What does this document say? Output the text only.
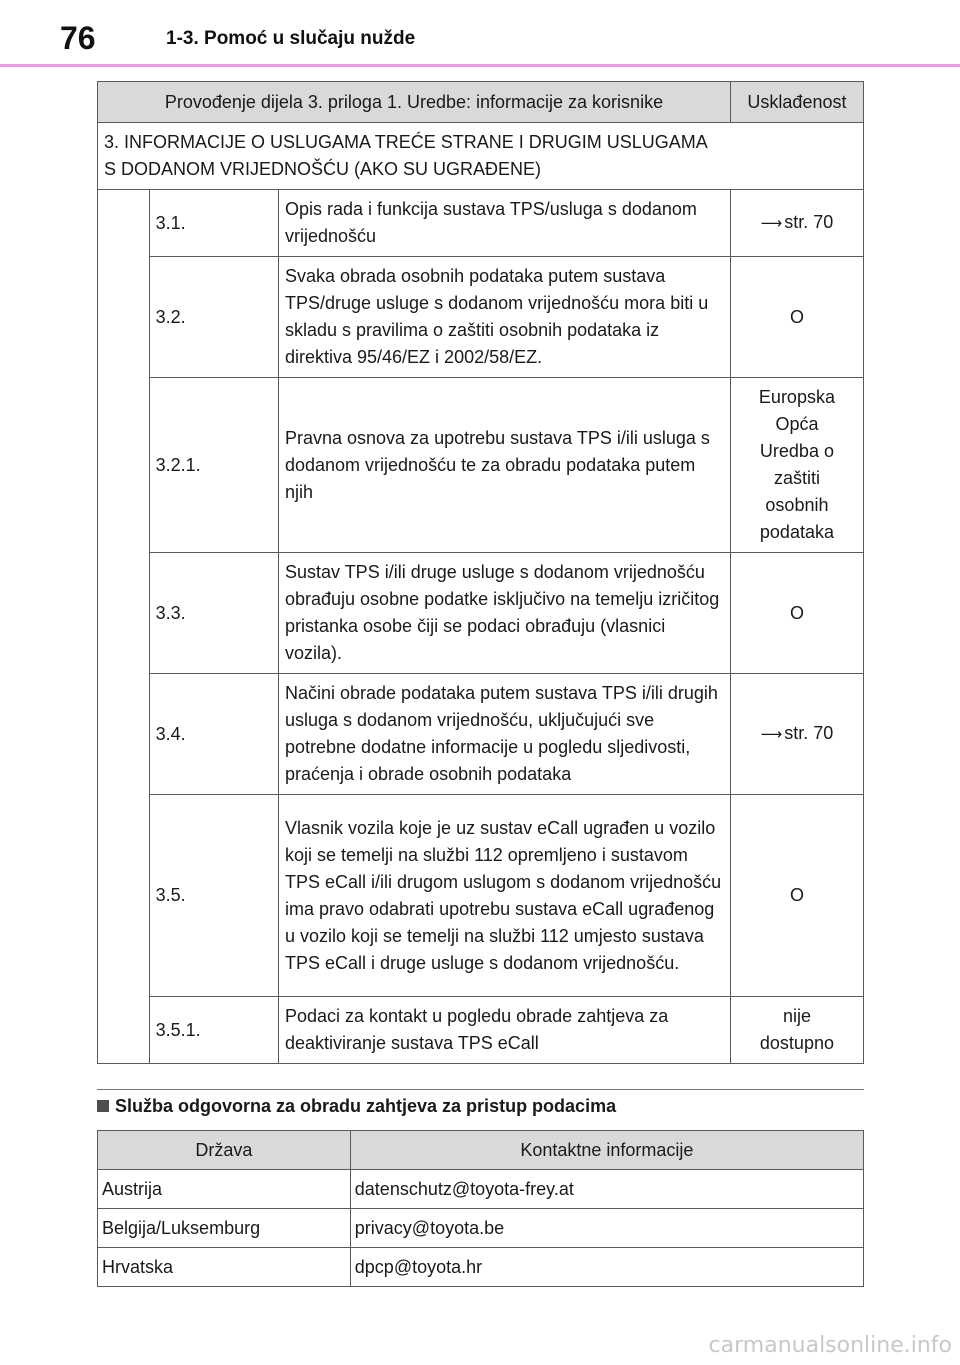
76	1-3. Pomoć u slučaju nužde
Provođenje dijela 3. priloga 1. Uredbe: informacije za korisnike			Usklađenost
3. INFORMACIJE O USLUGAMA TREĆE STRANE I DRUGIM USLUGAMA
S DODANOM VRIJEDNOŠĆU (AKO SU UGRAĐENE)			
	3.1.	Opis rada i funkcija sustava TPS/usluga s dodanom vrijednošću	⟶ str. 70
	3.2.	Svaka obrada osobnih podataka putem sustava TPS/druge usluge s dodanom vrijednošću mora biti u skladu s pravilima o zaštiti osobnih podataka iz direktiva 95/46/EZ i 2002/58/EZ.	O
	3.2.1.	Pravna osnova za upotrebu sustava TPS i/ili usluga s dodanom vrijednošću te za obradu podataka putem njih	Europska Opća Uredba o zaštiti osobnih podataka
	3.3.	Sustav TPS i/ili druge usluge s dodanom vrijednošću obrađuju osobne podatke isključivo na temelju izričitog pristanka osobe čiji se podaci obrađuju (vlasnici vozila).	O
	3.4.	Načini obrade podataka putem sustava TPS i/ili drugih usluga s dodanom vrijednošću, uključujući sve potrebne dodatne informacije u pogledu sljedivosti, praćenja i obrade osobnih podataka	⟶ str. 70
	3.5.	Vlasnik vozila koje je uz sustav eCall ugrađen u vozilo koji se temelji na službi 112 opremljeno i sustavom TPS eCall i/ili drugom uslugom s dodanom vrijednošću ima pravo odabrati upotrebu sustava eCall ugrađenog u vozilo koji se temelji na službi 112 umjesto sustava TPS eCall i druge usluge s dodanom vrijednošću.	O
	3.5.1.	Podaci za kontakt u pogledu obrade zahtjeva za deaktiviranje sustava TPS eCall	nije dostupno
Služba odgovorna za obradu zahtjeva za pristup podacima
Država	Kontaktne informacije
Austrija	datenschutz@toyota-frey.at
Belgija/Luksemburg	privacy@toyota.be
Hrvatska	dpcp@toyota.hr
carmanualsonline.info
